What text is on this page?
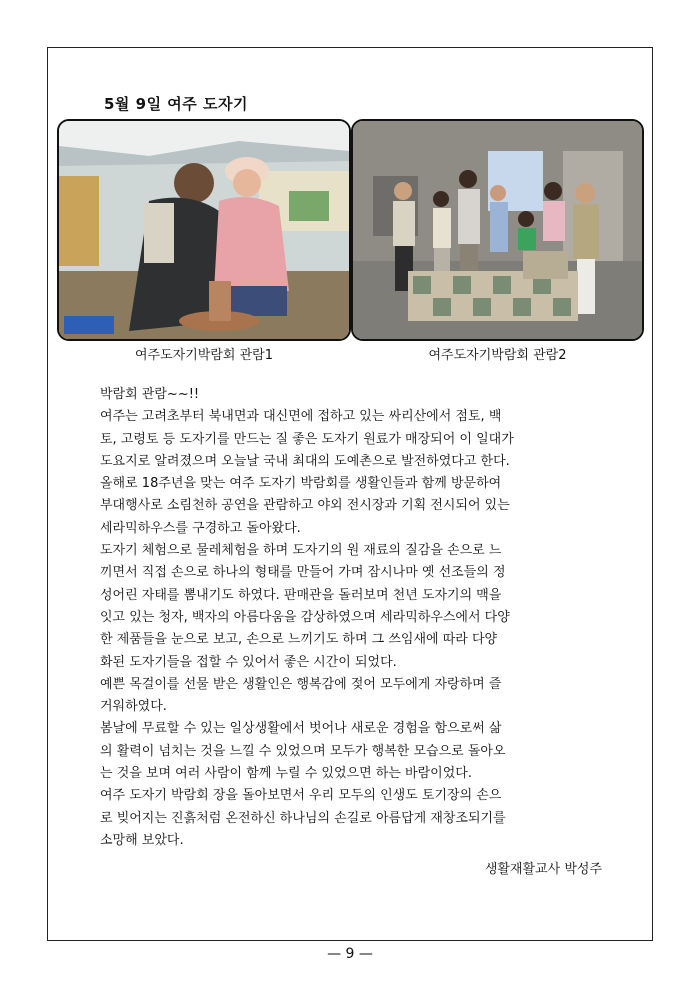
5월 9일 여주 도자기
여주도자기박람회 관람1	여주도자기박람회 관람2

박람회 관람~~!!

여주는 고려초부터 북내면과 대신면에 접하고 있는 싸리산에서 점토, 백

토, 고령토 등 도자기를 만드는 질 좋은 도자기 원료가 매장되어 이 일대가

도요지로 알려졌으며 오늘날 국내 최대의 도예촌으로 발전하였다고 한다.

올해로 18주년을 맞는 여주 도자기 박람회를 생활인들과 함께 방문하여

부대행사로 소림천하 공연을 관람하고 야외 전시장과 기획 전시되어 있는

세라믹하우스를 구경하고 돌아왔다.

도자기 체험으로 물레체험을 하며 도자기의 원 재료의 질감을 손으로 느

끼면서 직접 손으로 하나의 형태를 만들어 가며 잠시나마 옛 선조들의 정

성어린 자태를 뽐내기도 하였다. 판매관을 돌러보며 천년 도자기의 맥을

잇고 있는 청자, 백자의 아름다움을 감상하였으며 세라믹하우스에서 다양

한 제품들을 눈으로 보고, 손으로 느끼기도 하며 그 쓰임새에 따라 다양

화된 도자기들을 접할 수 있어서 좋은 시간이 되었다.

예쁜 목걸이를 선물 받은 생활인은 행복감에 젖어 모두에게 자랑하며 즐

거워하였다.

봄날에 무료할 수 있는 일상생활에서 벗어나 새로운 경험을 함으로써 삶

의 활력이 넘치는 것을 느낄 수 있었으며 모두가 행복한 모습으로 돌아오

는 것을 보며 여러 사람이 함께 누릴 수 있었으면 하는 바람이었다.

여주 도자기 박람회 장을 돌아보면서 우리 모두의 인생도 토기장의 손으

로 빚어지는 진흙처럼 온전하신 하나님의 손길로 아름답게 재창조되기를

소망해 보았다.

생활재활교사 박성주
— 9 —
